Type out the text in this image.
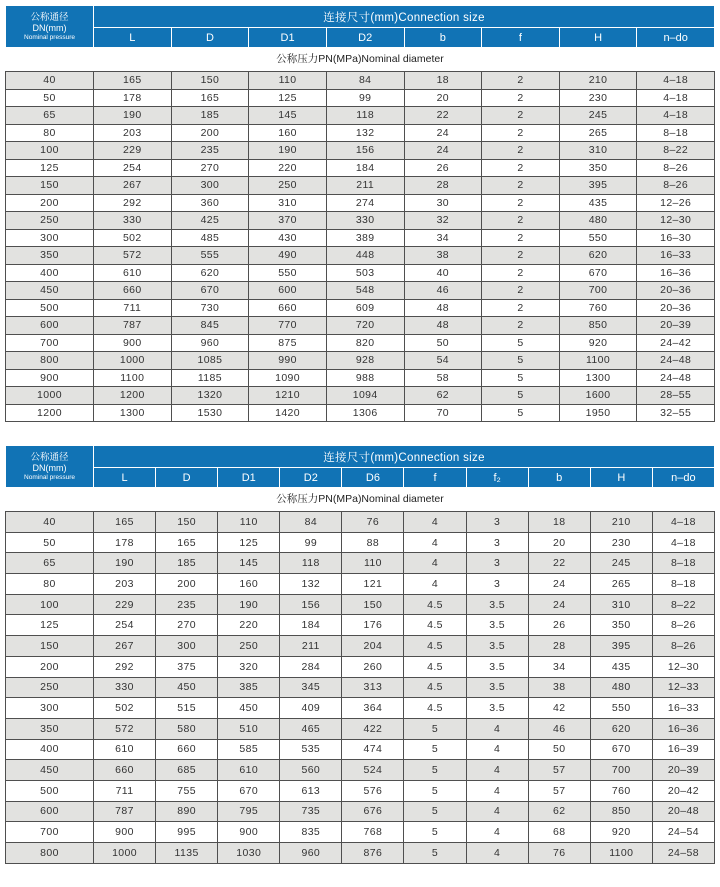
公称通径
DN(mm)
Nominal pressure	连接尺寸(mm)Connection size							
	L	D	D1	D2	b	f	H	n–do
公称压力PN(MPa)Nominal diameter								
40	165	150	110	84	18	2	210	4–18
50	178	165	125	99	20	2	230	4–18
65	190	185	145	118	22	2	245	4–18
80	203	200	160	132	24	2	265	8–18
100	229	235	190	156	24	2	310	8–22
125	254	270	220	184	26	2	350	8–26
150	267	300	250	211	28	2	395	8–26
200	292	360	310	274	30	2	435	12–26
250	330	425	370	330	32	2	480	12–30
300	502	485	430	389	34	2	550	16–30
350	572	555	490	448	38	2	620	16–33
400	610	620	550	503	40	2	670	16–36
450	660	670	600	548	46	2	700	20–36
500	711	730	660	609	48	2	760	20–36
600	787	845	770	720	48	2	850	20–39
700	900	960	875	820	50	5	920	24–42
800	1000	1085	990	928	54	5	1100	24–48
900	1100	1185	1090	988	58	5	1300	24–48
1000	1200	1320	1210	1094	62	5	1600	28–55
1200	1300	1530	1420	1306	70	5	1950	32–55
公称通径
DN(mm)
Nominal pressure	连接尺寸(mm)Connection size									
	L	D	D1	D2	D6	f	f₂	b	H	n–do
公称压力PN(MPa)Nominal diameter										
40	165	150	110	84	76	4	3	18	210	4–18
50	178	165	125	99	88	4	3	20	230	4–18
65	190	185	145	118	110	4	3	22	245	8–18
80	203	200	160	132	121	4	3	24	265	8–18
100	229	235	190	156	150	4.5	3.5	24	310	8–22
125	254	270	220	184	176	4.5	3.5	26	350	8–26
150	267	300	250	211	204	4.5	3.5	28	395	8–26
200	292	375	320	284	260	4.5	3.5	34	435	12–30
250	330	450	385	345	313	4.5	3.5	38	480	12–33
300	502	515	450	409	364	4.5	3.5	42	550	16–33
350	572	580	510	465	422	5	4	46	620	16–36
400	610	660	585	535	474	5	4	50	670	16–39
450	660	685	610	560	524	5	4	57	700	20–39
500	711	755	670	613	576	5	4	57	760	20–42
600	787	890	795	735	676	5	4	62	850	20–48
700	900	995	900	835	768	5	4	68	920	24–54
800	1000	1135	1030	960	876	5	4	76	1100	24–58
